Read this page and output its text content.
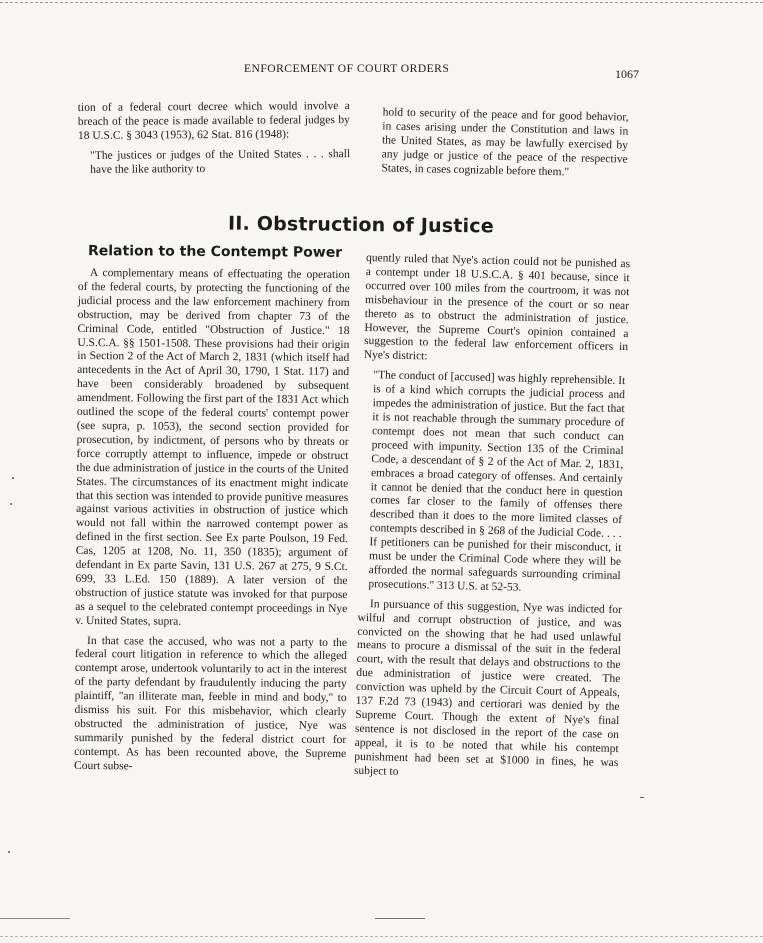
ENFORCEMENT OF COURT ORDERS	1067

tion of a federal court decree which would involve a breach of the peace is made available to federal judges by 18 U.S.C. § 3043 (1953), 62 Stat. 816 (1948):

"The justices or judges of the United States . . . shall have the like authority to

hold to security of the peace and for good behavior, in cases arising under the Constitution and laws in the United States, as may be lawfully exercised by any judge or justice of the peace of the respective States, in cases cognizable before them."

II. Obstruction of Justice
Relation to the Contempt Power

A complementary means of effectuating the operation of the federal courts, by protecting the functioning of the judicial process and the law enforcement machinery from obstruction, may be derived from chapter 73 of the Criminal Code, entitled "Obstruction of Justice." 18 U.S.C.A. §§ 1501-1508. These provisions had their origin in Section 2 of the Act of March 2, 1831 (which itself had antecedents in the Act of April 30, 1790, 1 Stat. 117) and have been considerably broadened by subsequent amendment. Following the first part of the 1831 Act which outlined the scope of the federal courts' contempt power (see supra, p. 1053), the second section provided for prosecution, by indictment, of persons who by threats or force corruptly attempt to influence, impede or obstruct the due administration of justice in the courts of the United States. The circumstances of its enactment might indicate that this section was intended to provide punitive measures against various activities in obstruction of justice which would not fall within the narrowed contempt power as defined in the first section. See Ex parte Poulson, 19 Fed. Cas, 1205 at 1208, No. 11, 350 (1835); argument of defendant in Ex parte Savin, 131 U.S. 267 at 275, 9 S.Ct. 699, 33 L.Ed. 150 (1889). A later version of the obstruction of justice statute was invoked for that purpose as a sequel to the celebrated contempt proceedings in Nye v. United States, supra.

In that case the accused, who was not a party to the federal court litigation in reference to which the alleged contempt arose, undertook voluntarily to act in the interest of the party defendant by fraudulently inducing the party plaintiff, "an illiterate man, feeble in mind and body," to dismiss his suit. For this misbehavior, which clearly obstructed the administration of justice, Nye was summarily punished by the federal district court for contempt. As has been recounted above, the Supreme Court subse-

quently ruled that Nye's action could not be punished as a contempt under 18 U.S.C.A. § 401 because, since it occurred over 100 miles from the courtroom, it was not misbehaviour in the presence of the court or so near thereto as to obstruct the administration of justice. However, the Supreme Court's opinion contained a suggestion to the federal law enforcement officers in Nye's district:

"The conduct of [accused] was highly reprehensible. It is of a kind which corrupts the judicial process and impedes the administration of justice. But the fact that it is not reachable through the summary procedure of contempt does not mean that such conduct can proceed with impunity. Section 135 of the Criminal Code, a descendant of § 2 of the Act of Mar. 2, 1831, embraces a broad category of offenses. And certainly it cannot be denied that the conduct here in question comes far closer to the family of offenses there described than it does to the more limited classes of contempts described in § 268 of the Judicial Code. . . . If petitioners can be punished for their misconduct, it must be under the Criminal Code where they will be afforded the normal safeguards surrounding criminal prosecutions." 313 U.S. at 52-53.

In pursuance of this suggestion, Nye was indicted for wilful and corrupt obstruction of justice, and was convicted on the showing that he had used unlawful means to procure a dismissal of the suit in the federal court, with the result that delays and obstructions to the due administration of justice were created. The conviction was upheld by the Circuit Court of Appeals, 137 F.2d 73 (1943) and certiorari was denied by the Supreme Court. Though the extent of Nye's final sentence is not disclosed in the report of the case on appeal, it is to be noted that while his contempt punishment had been set at $1000 in fines, he was subject to
